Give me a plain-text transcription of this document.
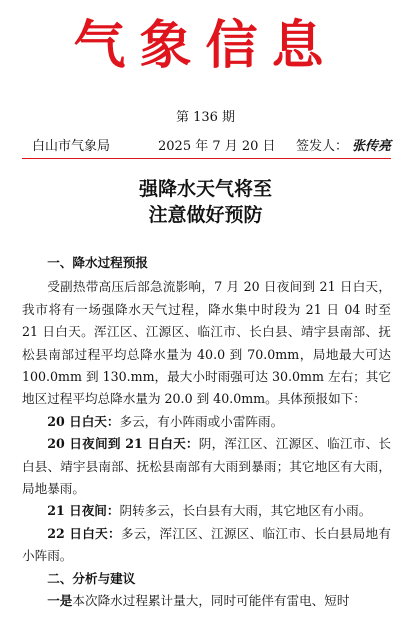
气象信息
第 136 期
白山市气象局	2025 年 7 月 20 日 签发人： 张传亮
强降水天气将至
注意做好预防

一、降水过程预报

受副热带高压后部急流影响，7 月 20 日夜间到 21 日白天，我市将有一场强降水天气过程，降水集中时段为 21 日 04 时至 21 日白天。浑江区、江源区、临江市、长白县、靖宇县南部、抚松县南部过程平均总降水量为 40.0 到 70.0mm，局地最大可达 100.0mm 到 130.mm，最大小时雨强可达 30.0mm 左右；其它地区过程平均总降水量为 20.0 到 40.0mm。具体预报如下：

20 日白天：多云，有小阵雨或小雷阵雨。

20 日夜间到 21 日白天：阴，浑江区、江源区、临江市、长白县、靖宇县南部、抚松县南部有大雨到暴雨；其它地区有大雨，局地暴雨。

21 日夜间：阴转多云，长白县有大雨，其它地区有小雨。

22 日白天：多云，浑江区、江源区、临江市、长白县局地有小阵雨。

二、分析与建议

一是本次降水过程累计量大，同时可能伴有雷电、短时
